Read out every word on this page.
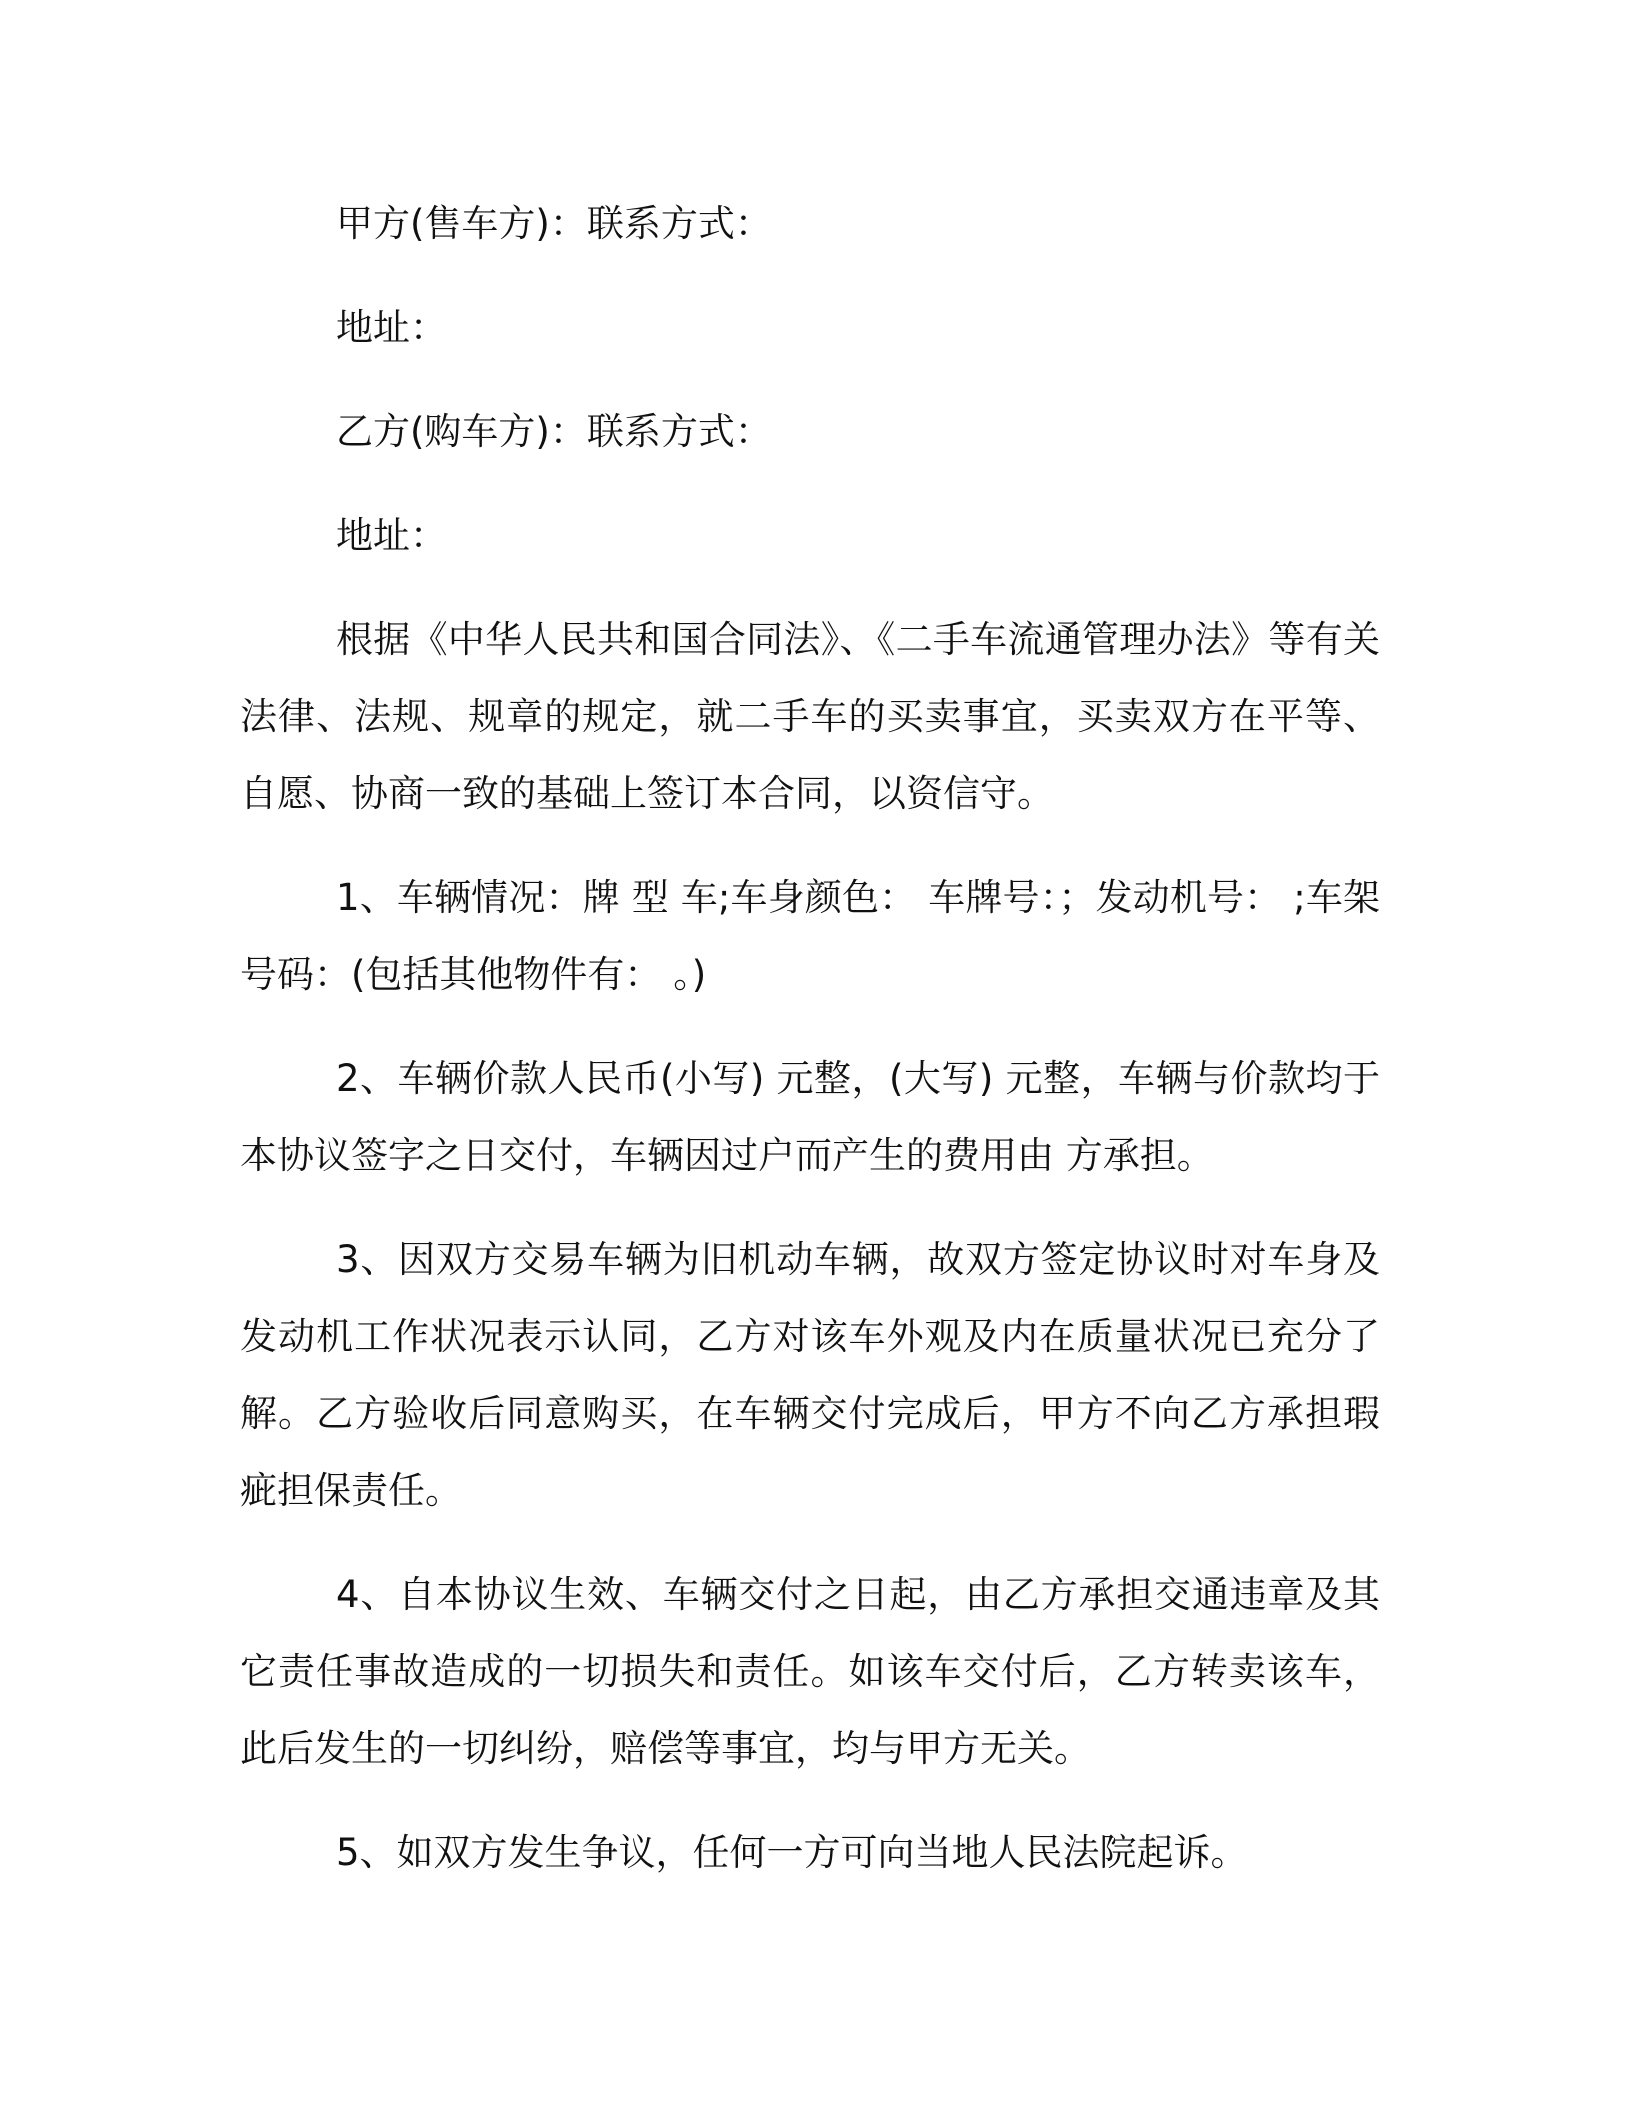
甲方(售车方)：联系方式：

地址：

乙方(购车方)：联系方式：

地址：

根据《中华人民共和国合同法》、《二手车流通管理办法》等有关法律、法规、规章的规定，就二手车的买卖事宜，买卖双方在平等、自愿、协商一致的基础上签订本合同，以资信守。

1、车辆情况：牌 型 车;车身颜色： 车牌号：；发动机号： ;车架号码：(包括其他物件有： 。)

2、车辆价款人民币(小写) 元整，(大写) 元整，车辆与价款均于本协议签字之日交付，车辆因过户而产生的费用由 方承担。

3、因双方交易车辆为旧机动车辆，故双方签定协议时对车身及发动机工作状况表示认同，乙方对该车外观及内在质量状况已充分了解。乙方验收后同意购买，在车辆交付完成后，甲方不向乙方承担瑕疵担保责任。

4、自本协议生效、车辆交付之日起，由乙方承担交通违章及其它责任事故造成的一切损失和责任。如该车交付后，乙方转卖该车，此后发生的一切纠纷，赔偿等事宜，均与甲方无关。

5、如双方发生争议，任何一方可向当地人民法院起诉。
